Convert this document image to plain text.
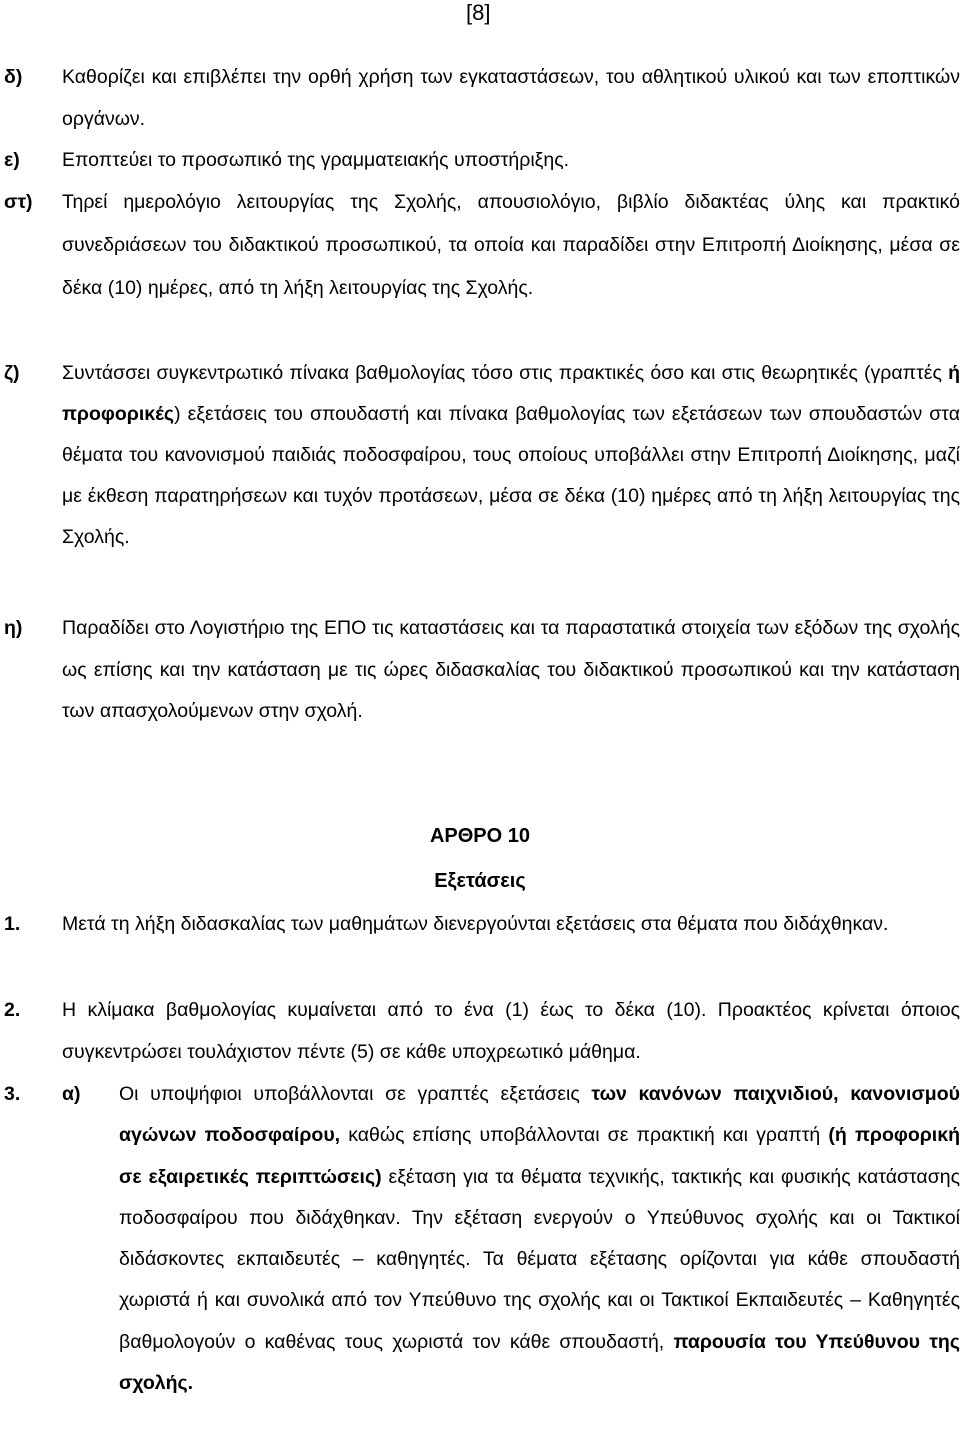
[8]
δ) Καθορίζει και επιβλέπει την ορθή χρήση των εγκαταστάσεων, του αθλητικού υλικού και των εποπτικών οργάνων.
ε) Εποπτεύει το προσωπικό της γραμματειακής υποστήριξης.
στ) Τηρεί ημερολόγιο λειτουργίας της Σχολής, απουσιολόγιο, βιβλίο διδακτέας ύλης και πρακτικό συνεδριάσεων του διδακτικού προσωπικού, τα οποία και παραδίδει στην Επιτροπή Διοίκησης, μέσα σε δέκα (10) ημέρες, από τη λήξη λειτουργίας της Σχολής.
ζ) Συντάσσει συγκεντρωτικό πίνακα βαθμολογίας τόσο στις πρακτικές όσο και στις θεωρητικές (γραπτές ή προφορικές) εξετάσεις του σπουδαστή και πίνακα βαθμολογίας των εξετάσεων των σπουδαστών στα θέματα του κανονισμού παιδιάς ποδοσφαίρου, τους οποίους υποβάλλει στην Επιτροπή Διοίκησης, μαζί με έκθεση παρατηρήσεων και τυχόν προτάσεων, μέσα σε δέκα (10) ημέρες από τη λήξη λειτουργίας της Σχολής.
η) Παραδίδει στο Λογιστήριο της ΕΠΟ τις καταστάσεις και τα παραστατικά στοιχεία των εξόδων της σχολής ως επίσης και την κατάσταση με τις ώρες διδασκαλίας του διδακτικού προσωπικού και την κατάσταση των απασχολούμενων στην σχολή.
ΑΡΘΡΟ 10
Εξετάσεις
1. Μετά τη λήξη διδασκαλίας των μαθημάτων διενεργούνται εξετάσεις στα θέματα που διδάχθηκαν.
2. Η κλίμακα βαθμολογίας κυμαίνεται από το ένα (1) έως το δέκα (10). Προακτέος κρίνεται όποιος συγκεντρώσει τουλάχιστον πέντε (5) σε κάθε υποχρεωτικό μάθημα.
3. α) Οι υποψήφιοι υποβάλλονται σε γραπτές εξετάσεις των κανόνων παιχνιδιού, κανονισμού αγώνων ποδοσφαίρου, καθώς επίσης υποβάλλονται σε πρακτική και γραπτή (ή προφορική σε εξαιρετικές περιπτώσεις) εξέταση για τα θέματα τεχνικής, τακτικής και φυσικής κατάστασης ποδοσφαίρου που διδάχθηκαν. Την εξέταση ενεργούν ο Υπεύθυνος σχολής και οι Τακτικοί διδάσκοντες εκπαιδευτές – καθηγητές. Τα θέματα εξέτασης ορίζονται για κάθε σπουδαστή χωριστά ή και συνολικά από τον Υπεύθυνο της σχολής και οι Τακτικοί Εκπαιδευτές – Καθηγητές βαθμολογούν ο καθένας τους χωριστά τον κάθε σπουδαστή, παρουσία του Υπεύθυνου της σχολής.
